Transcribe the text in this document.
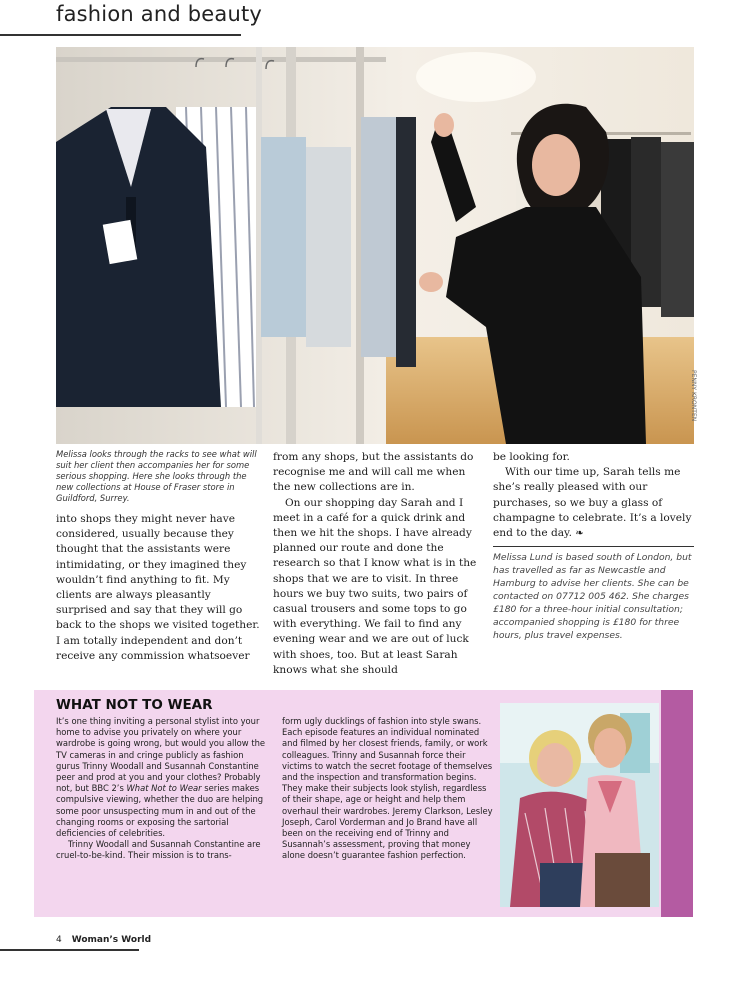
fashion and beauty
PENNY KRONTEN

Melissa looks through the racks to see what will suit her client then accompanies her for some serious shopping. Here she looks through the new collections at House of Fraser store in Guildford, Surrey.

into shops they might never have considered, usually because they thought that the assistants were intimidating, or they imagined they wouldn’t find anything to fit. My clients are always pleasantly surprised and say that they will go back to the shops we visited together. I am totally independent and don’t receive any commission whatsoever

from any shops, but the assistants do recognise me and will call me when the new collections are in.

On our shopping day Sarah and I meet in a café for a quick drink and then we hit the shops. I have already planned our route and done the research so that I know what is in the shops that we are to visit. In three hours we buy two suits, two pairs of casual trousers and some tops to go with everything. We fail to find any evening wear and we are out of luck with shoes, too. But at least Sarah knows what she should

be looking for.

With our time up, Sarah tells me she’s really pleased with our purchases, so we buy a glass of champagne to celebrate. It’s a lovely end to the day. ❧

Melissa Lund is based south of London, but has travelled as far as Newcastle and Hamburg to advise her clients. She can be contacted on 07712 005 462. She charges £180 for a three-hour initial consultation; accompanied shopping is £180 for three hours, plus travel expenses.

WHAT NOT TO WEAR

It’s one thing inviting a personal stylist into your home to advise you privately on where your wardrobe is going wrong, but would you allow the TV cameras in and cringe publicly as fashion gurus Trinny Woodall and Susannah Constantine peer and prod at you and your clothes? Probably not, but BBC 2’s What Not to Wear series makes compulsive viewing, whether the duo are helping some poor unsuspecting mum in and out of the changing rooms or exposing the sartorial deficiencies of celebrities.

Trinny Woodall and Susannah Constantine are cruel-to-be-kind. Their mission is to trans-

form ugly ducklings of fashion into style swans. Each episode features an individual nominated and filmed by her closest friends, family, or work colleagues. Trinny and Susannah force their victims to watch the secret footage of themselves and the inspection and transformation begins. They make their subjects look stylish, regardless of their shape, age or height and help them overhaul their wardrobes. Jeremy Clarkson, Lesley Joseph, Carol Vorderman and Jo Brand have all been on the receiving end of Trinny and Susannah’s assessment, proving that money alone doesn’t guarantee fashion perfection.

4 Woman’s World
